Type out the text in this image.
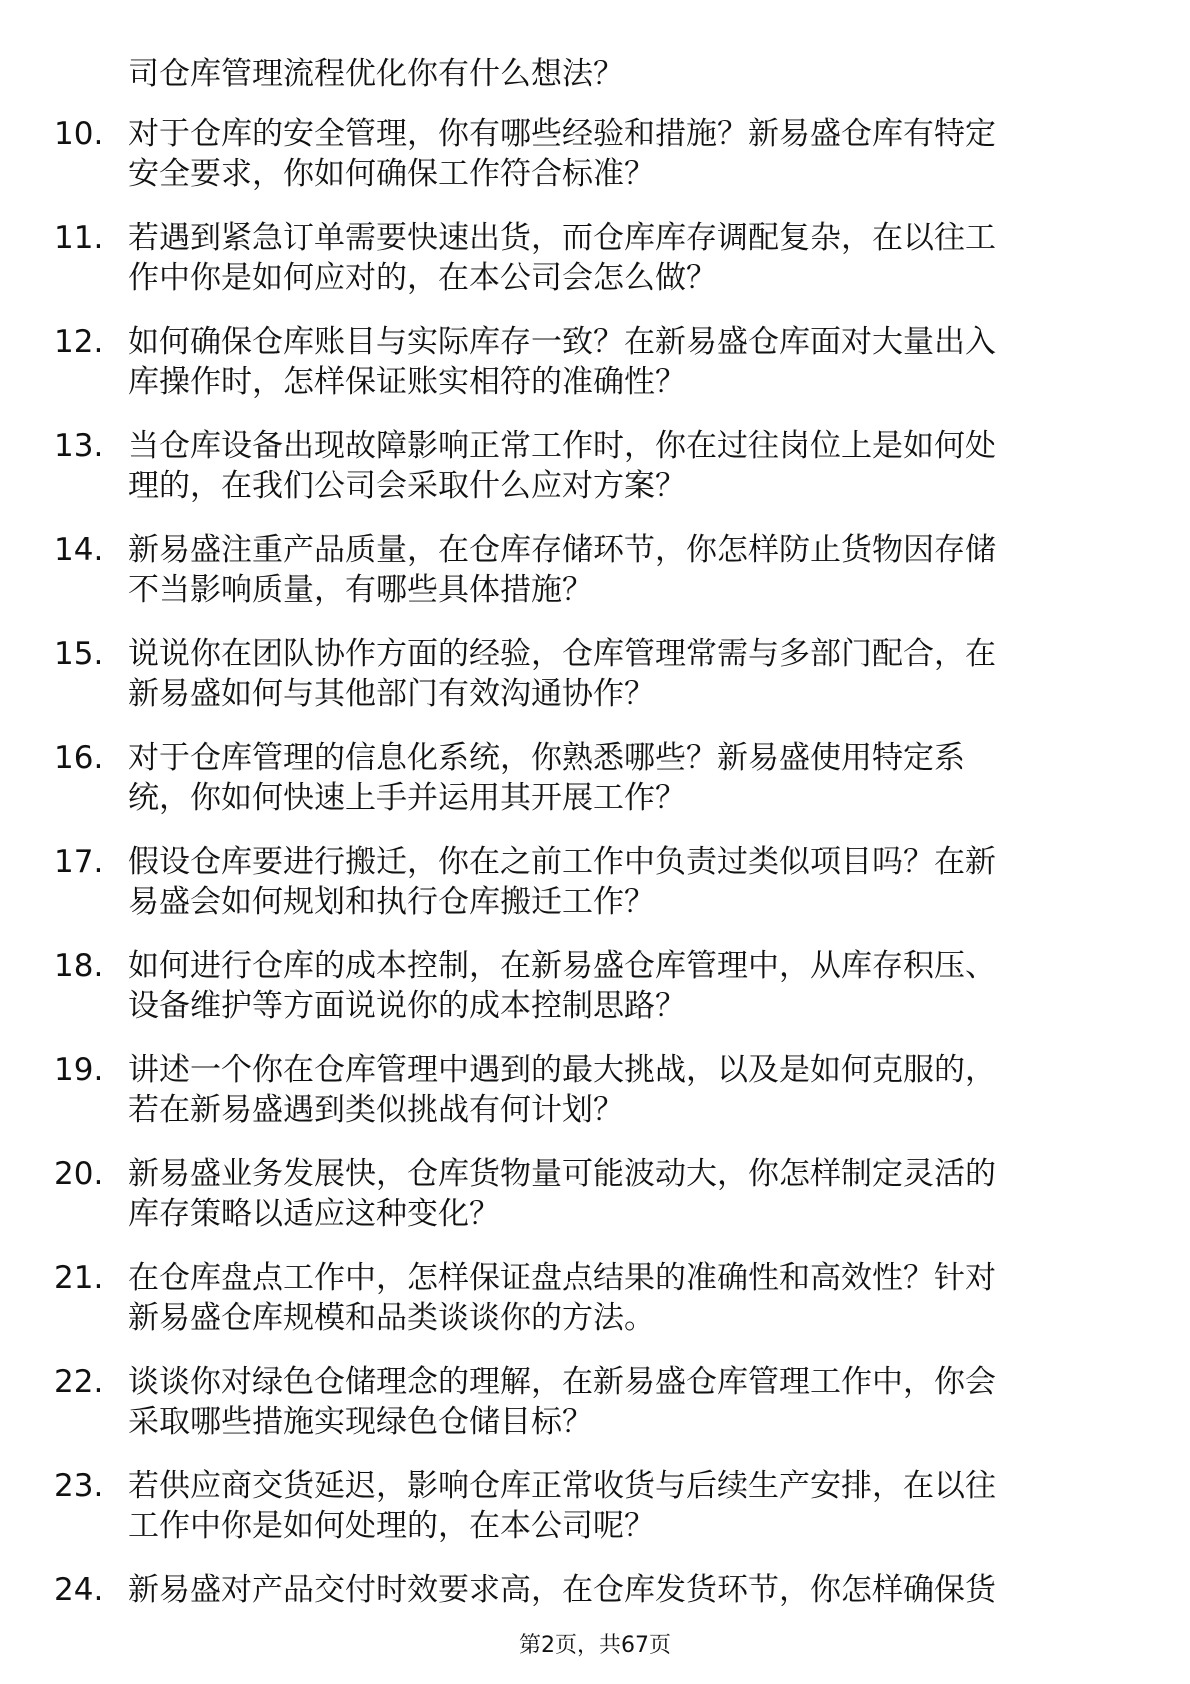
司仓库管理流程优化你有什么想法？
10. 对于仓库的安全管理，你有哪些经验和措施？新易盛仓库有特定
安全要求，你如何确保工作符合标准？
11. 若遇到紧急订单需要快速出货，而仓库库存调配复杂，在以往工
作中你是如何应对的，在本公司会怎么做？
12. 如何确保仓库账目与实际库存一致？在新易盛仓库面对大量出入
库操作时，怎样保证账实相符的准确性？
13. 当仓库设备出现故障影响正常工作时，你在过往岗位上是如何处
理的，在我们公司会采取什么应对方案？
14. 新易盛注重产品质量，在仓库存储环节，你怎样防止货物因存储
不当影响质量，有哪些具体措施？
15. 说说你在团队协作方面的经验，仓库管理常需与多部门配合，在
新易盛如何与其他部门有效沟通协作？
16. 对于仓库管理的信息化系统，你熟悉哪些？新易盛使用特定系
统，你如何快速上手并运用其开展工作？
17. 假设仓库要进行搬迁，你在之前工作中负责过类似项目吗？在新
易盛会如何规划和执行仓库搬迁工作？
18. 如何进行仓库的成本控制，在新易盛仓库管理中，从库存积压、
设备维护等方面说说你的成本控制思路？
19. 讲述一个你在仓库管理中遇到的最大挑战，以及是如何克服的，
若在新易盛遇到类似挑战有何计划？
20. 新易盛业务发展快，仓库货物量可能波动大，你怎样制定灵活的
库存策略以适应这种变化？
21. 在仓库盘点工作中，怎样保证盘点结果的准确性和高效性？针对
新易盛仓库规模和品类谈谈你的方法。
22. 谈谈你对绿色仓储理念的理解，在新易盛仓库管理工作中，你会
采取哪些措施实现绿色仓储目标？
23. 若供应商交货延迟，影响仓库正常收货与后续生产安排，在以往
工作中你是如何处理的，在本公司呢？
24. 新易盛对产品交付时效要求高，在仓库发货环节，你怎样确保货
第2页，共67页
